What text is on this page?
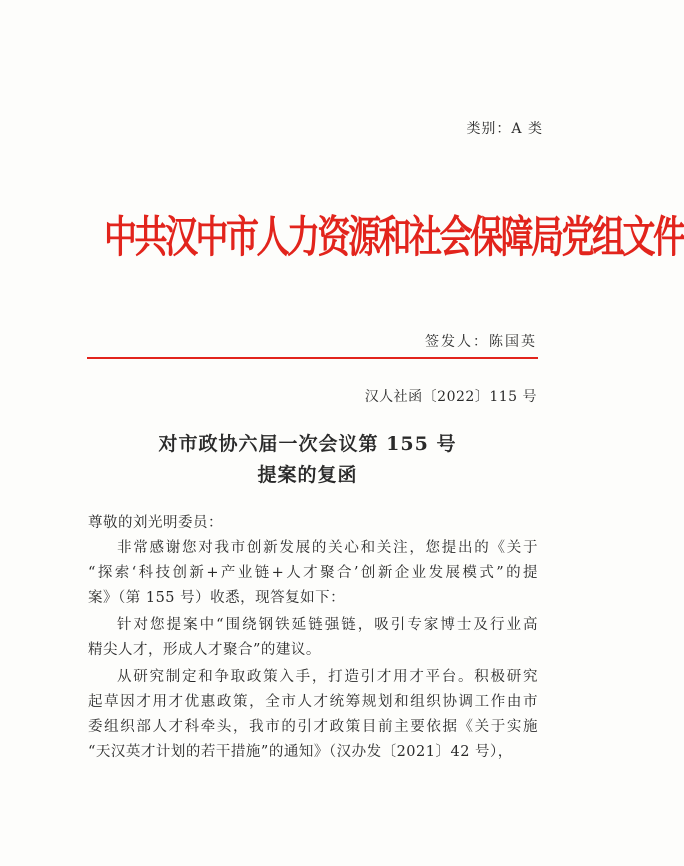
类别：A 类
中共汉中市人力资源和社会保障局党组文件
签发人：陈国英
汉人社函〔2022〕115 号
对市政协六届一次会议第 155 号
提案的复函
尊敬的刘光明委员：
非常感谢您对我市创新发展的关心和关注，您提出的《关于
“探索‘科技创新+产业链+人才聚合’创新企业发展模式”的提
案》（第 155 号）收悉，现答复如下：
针对您提案中“围绕钢铁延链强链，吸引专家博士及行业高
精尖人才，形成人才聚合”的建议。
从研究制定和争取政策入手，打造引才用才平台。积极研究
起草因才用才优惠政策，全市人才统筹规划和组织协调工作由市
委组织部人才科牵头，我市的引才政策目前主要依据《关于实施
“天汉英才计划的若干措施”的通知》（汉办发〔2021〕42 号），
